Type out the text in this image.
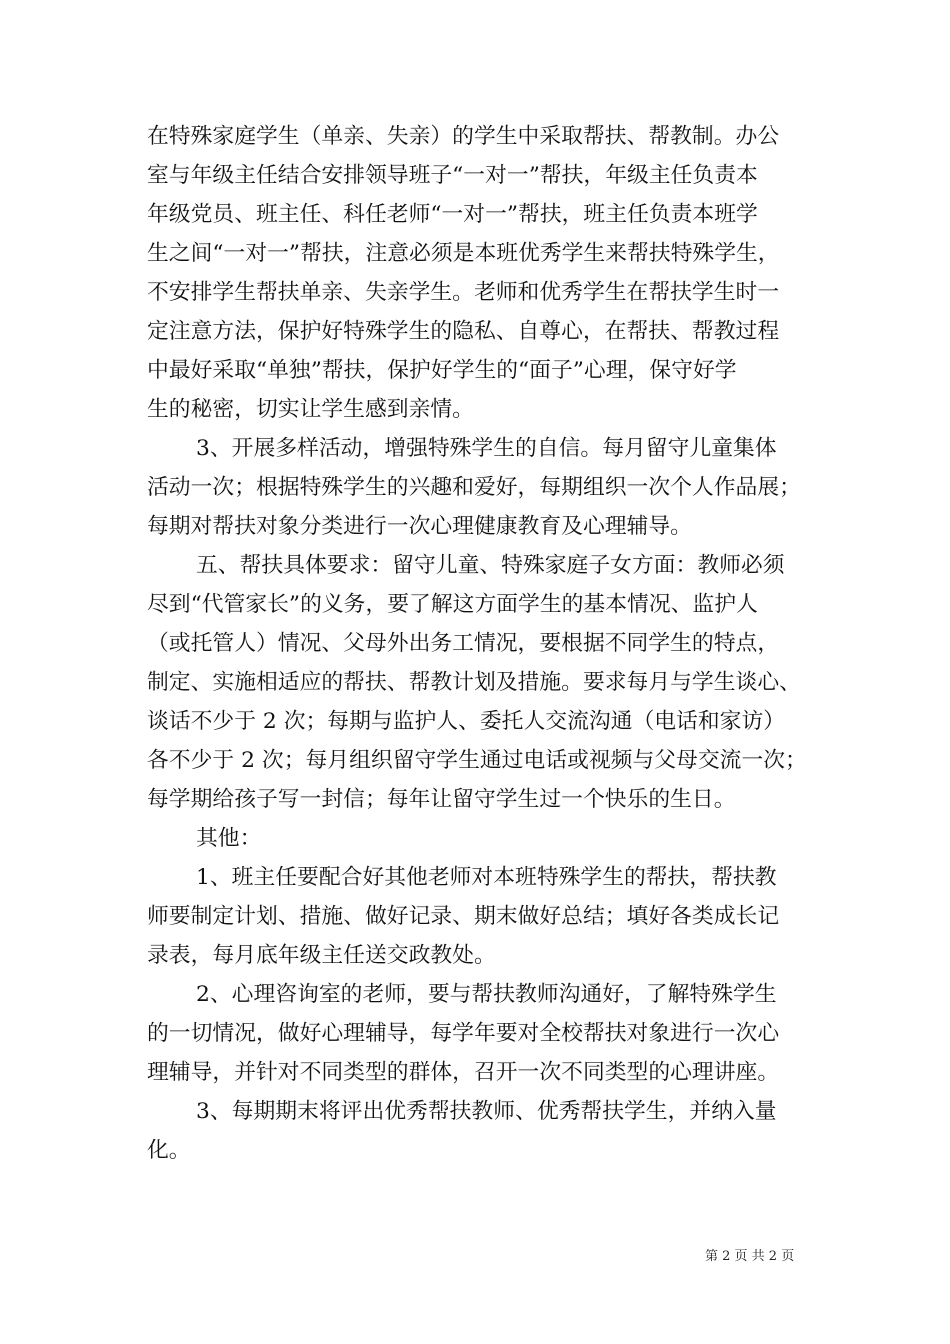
在特殊家庭学生（单亲、失亲）的学生中采取帮扶、帮教制。办公
室与年级主任结合安排领导班子“一对一”帮扶，年级主任负责本
年级党员、班主任、科任老师“一对一”帮扶，班主任负责本班学
生之间“一对一”帮扶，注意必须是本班优秀学生来帮扶特殊学生，
不安排学生帮扶单亲、失亲学生。老师和优秀学生在帮扶学生时一
定注意方法，保护好特殊学生的隐私、自尊心，在帮扶、帮教过程
中最好采取“单独”帮扶，保护好学生的“面子”心理，保守好学
生的秘密，切实让学生感到亲情。
3、开展多样活动，增强特殊学生的自信。每月留守儿童集体
活动一次；根据特殊学生的兴趣和爱好，每期组织一次个人作品展；
每期对帮扶对象分类进行一次心理健康教育及心理辅导。
五、帮扶具体要求：留守儿童、特殊家庭子女方面：教师必须
尽到“代管家长”的义务，要了解这方面学生的基本情况、监护人
（或托管人）情况、父母外出务工情况，要根据不同学生的特点，
制定、实施相适应的帮扶、帮教计划及措施。要求每月与学生谈心、
谈话不少于 2 次；每期与监护人、委托人交流沟通（电话和家访）
各不少于 2 次；每月组织留守学生通过电话或视频与父母交流一次；
每学期给孩子写一封信；每年让留守学生过一个快乐的生日。
其他：
1、班主任要配合好其他老师对本班特殊学生的帮扶，帮扶教
师要制定计划、措施、做好记录、期末做好总结；填好各类成长记
录表，每月底年级主任送交政教处。
2、心理咨询室的老师，要与帮扶教师沟通好，了解特殊学生
的一切情况，做好心理辅导，每学年要对全校帮扶对象进行一次心
理辅导，并针对不同类型的群体，召开一次不同类型的心理讲座。
3、每期期末将评出优秀帮扶教师、优秀帮扶学生，并纳入量
化。
第 2 页 共 2 页
